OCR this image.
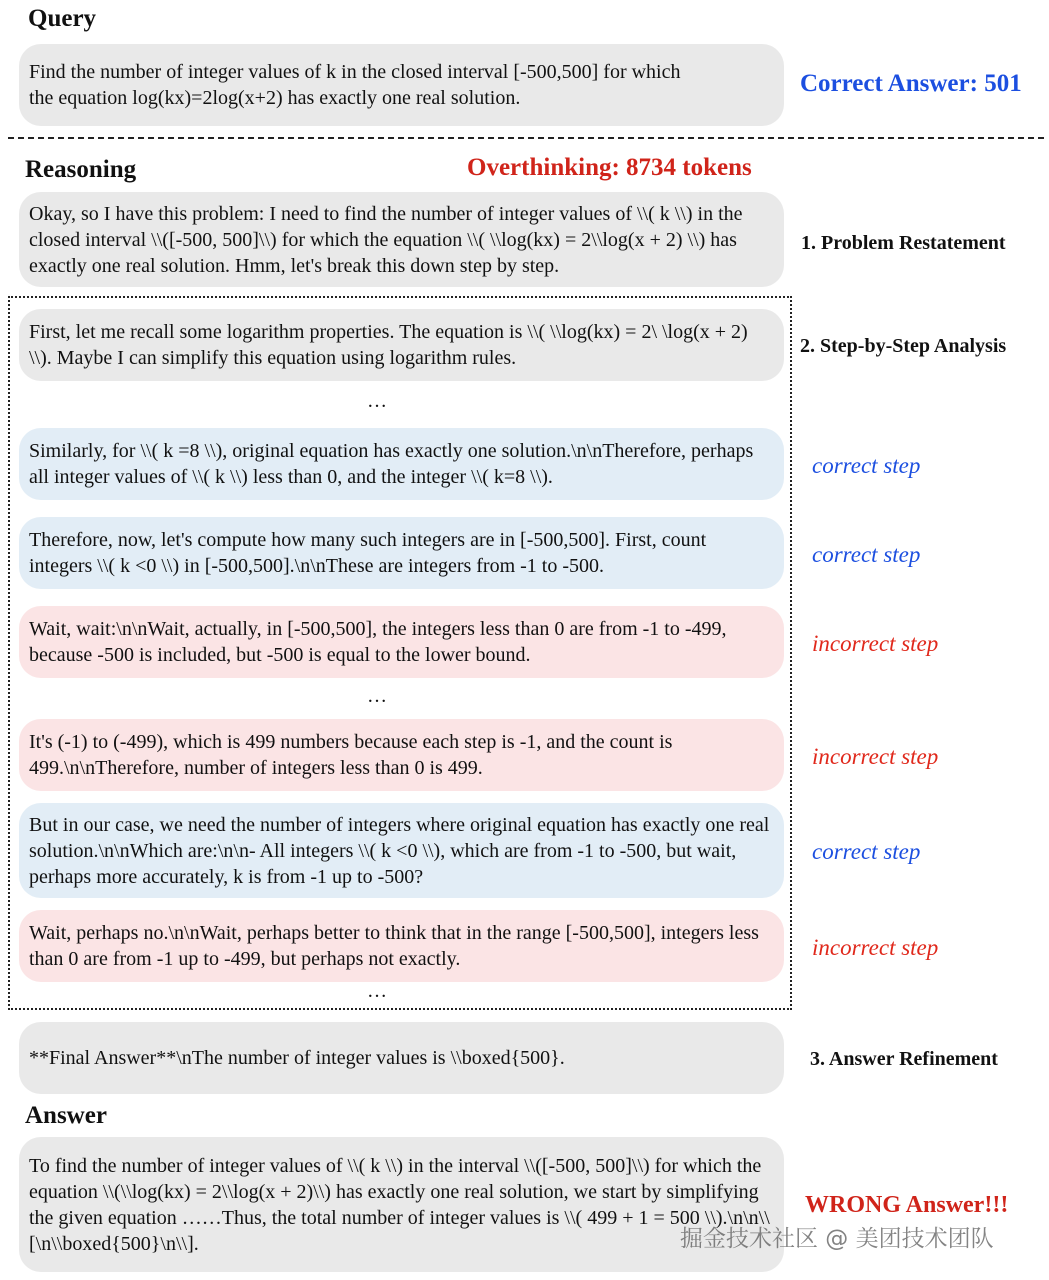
Query
Find the number of integer values of k in the closed interval [-500,500] for which
the equation log(kx)=2log(x+2) has exactly one real solution.
Correct Answer: 501
Reasoning	Overthinking: 8734 tokens
Okay, so I have this problem: I need to find the number of integer values of \\( k \\) in the closed interval \\([-500, 500]\\) for which the equation \\( \\log(kx) = 2\\log(x + 2) \\) has exactly one real solution. Hmm, let's break this down step by step.
1. Problem Restatement
2. Step-by-Step Analysis
First, let me recall some logarithm properties. The equation is \\( \\log(kx) = 2\ \log(x + 2) \\). Maybe I can simplify this equation using logarithm rules.
…
Similarly, for \\( k =8 \\), original equation has exactly one solution.\n\nTherefore, perhaps all integer values of \\( k \\) less than 0, and the integer \\( k=8 \\).	correct step
Therefore, now, let's compute how many such integers are in [-500,500]. First, count integers \\( k <0 \\) in [-500,500].\n\nThese are integers from -1 to -500.	correct step
Wait, wait:\n\nWait, actually, in [-500,500], the integers less than 0 are from -1 to -499, because -500 is included, but -500 is equal to the lower bound.	incorrect step
…
It's (-1) to (-499), which is 499 numbers because each step is -1, and the count is 499.\n\nTherefore, number of integers less than 0 is 499.	incorrect step
But in our case, we need the number of integers where original equation has exactly one real solution.\n\nWhich are:\n\n- All integers \\( k <0 \\), which are from -1 to -500, but wait, perhaps more accurately, k is from -1 up to -500?
correct step
Wait, perhaps no.\n\nWait, perhaps better to think that in the range [-500,500], integers less than 0 are from -1 up to -499, but perhaps not exactly.	incorrect step
…
**Final Answer**\nThe number of integer values is \\boxed{500}.	3. Answer Refinement
Answer
To find the number of integer values of \\( k \\) in the interval \\([-500, 500]\\) for which the equation \\(\\log(kx) = 2\\log(x + 2)\\) has exactly one real solution, we start by simplifying the given equation ……Thus, the total number of integer values is \\( 499 + 1 = 500 \\).\n\n\\[\n\\boxed{500}\n\\].
WRONG Answer!!!
掘金技术社区 @ 美团技术团队
